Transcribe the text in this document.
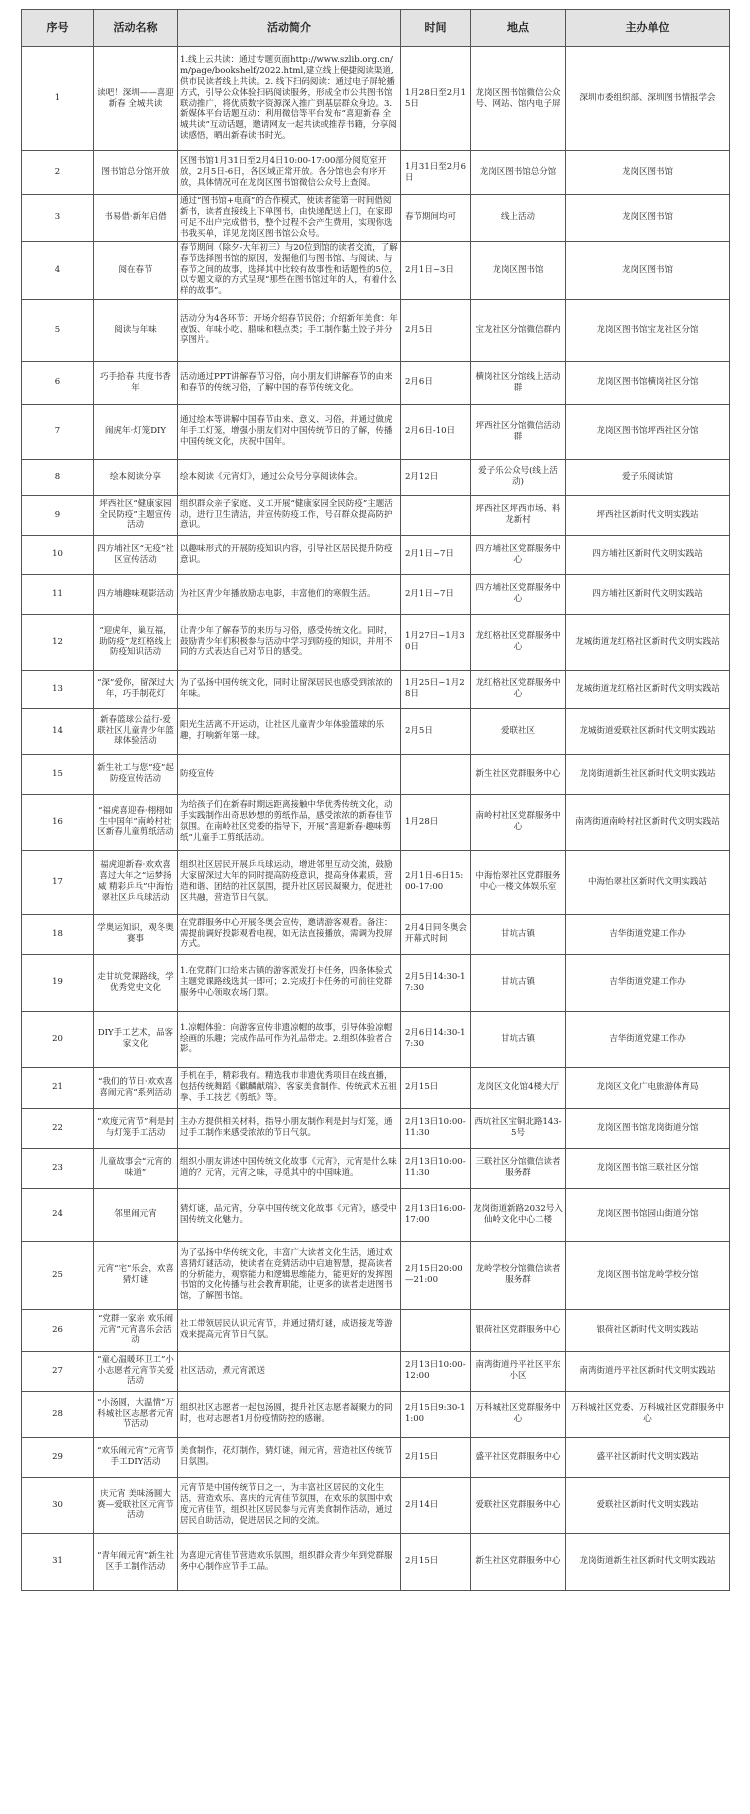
序号	活动名称	活动简介	时间	地点	主办单位
1	读吧！深圳——喜迎新春 全城共读	1.线上云共读：通过专题页面http://www.szlib.org.cn/m/page/bookshelf/2022.html,建立线上便捷阅读渠道,供市民读者线上共读。2. 线下扫码阅读：通过电子屏轮播方式，引导公众体验扫码阅读服务，形成全市公共图书馆联动推广，将优质数字资源深入推广到基层群众身边。3. 新媒体平台话题互动：利用微信等平台发布“喜迎新春 全城共读”互动话题，邀请网友一起共读或推荐书籍，分享阅读感悟，晒出新春读书时光。	1月28日至2月15日	龙岗区图书馆微信公众号、网站、馆内电子屏	深圳市委组织部、深圳图书情报学会
2	图书馆总分馆开放	区图书馆1月31日至2月4日10:00-17:00部分阅览室开放，2月5日-6日，各区域正常开放。各分馆也会有序开放，具体情况可在龙岗区图书馆微信公众号上查阅。	1月31日至2月6日	龙岗区图书馆总分馆	龙岗区图书馆
3	书易借·新年启借	通过“图书馆+电商”的合作模式，使读者能第一时间借阅新书，读者直接线上下单图书，由快递配送上门，在家即可足不出户完成借书，整个过程不会产生费用，实现你选书我买单，详见龙岗区图书馆公众号。	春节期间均可	线上活动	龙岗区图书馆
4	阅在春节	春节期间（除夕-大年初三）与20位到馆的读者交流，了解春节选择图书馆的原因，发掘他们与图书馆、与阅读、与春节之间的故事，选择其中比较有故事性和话题性的5位，以专题文章的方式呈现“那些在图书馆过年的人，有着什么样的故事”。	2月1日~3日	龙岗区图书馆	龙岗区图书馆
5	阅读与年味	活动分为4各环节：开场介绍春节民俗；介绍新年美食：年夜饭、年味小吃、腊味和糕点类；手工制作黏土饺子并分享图片。	2月5日	宝龙社区分馆微信群内	龙岗区图书馆宝龙社区分馆
6	巧手拾春 共度书香年	活动通过PPT讲解春节习俗，向小朋友们讲解春节的由来和春节的传统习俗，了解中国的春节传统文化。	2月6日	横岗社区分馆线上活动群	龙岗区图书馆横岗社区分馆
7	闹虎年·灯笼DIY	通过绘本等讲解中国春节由来、意义、习俗，并通过做虎年手工灯笼，增强小朋友们对中国传统节日的了解，传播中国传统文化，庆祝中国年。	2月6日-10日	坪西社区分馆微信活动群	龙岗区图书馆坪西社区分馆
8	绘本阅读分享	绘本阅读《元宵灯》，通过公众号分享阅读体会。	2月12日	爱子乐公众号(线上活动)	爱子乐阅读馆
9	坪西社区“健康家园全民防疫”主题宣传活动	组织群众亲子家庭、义工开展“健康家园全民防疫”主题活动，进行卫生清洁，并宣传防疫工作，号召群众提高防护意识。		坪西社区坪西市场、料龙新村	坪西社区新时代文明实践站
10	四方埔社区“无疫”社区宣传活动	以趣味形式的开展防疫知识内容，引导社区居民提升防疫意识。	2月1日~7日	四方埔社区党群服务中心	四方埔社区新时代文明实践站
11	四方埔趣味观影活动	为社区青少年播放励志电影，丰富他们的寒假生活。	2月1日~7日	四方埔社区党群服务中心	四方埔社区新时代文明实践站
12	“迎虎年，巢互福，助防疫”龙红格线上防疫知识活动	让青少年了解春节的来历与习俗，感受传统文化。同时，鼓励青少年们积极参与活动中学习到防疫的知识，并用不同的方式表达自己对节日的感受。	1月27日~1月30日	龙红格社区党群服务中心	龙城街道龙红格社区新时代文明实践站
13	“深”爱你，留深过大年，巧手制花灯	为了弘扬中国传统文化，同时让留深居民也感受到浓浓的年味。	1月25日~1月28日	龙红格社区党群服务中心	龙城街道龙红格社区新时代文明实践站
14	新春篮球公益行-爱联社区儿童青少年篮球体验活动	阳光生活离不开运动，让社区儿童青少年体验篮球的乐趣，打响新年第一球。	2月5日	爱联社区	龙城街道爱联社区新时代文明实践站
15	新生社工与您“疫”起防疫宣传活动	防疫宣传		新生社区党群服务中心	龙岗街道新生社区新时代文明实践站
16	“福虎喜迎春·栩栩如生中国年”南岭村社区新春儿童剪纸活动	为给孩子们在新春时期远距离接触中华优秀传统文化，动手实践制作出奇思妙想的剪纸作品，感受浓浓的新春佳节氛围。在南岭社区党委的指导下，开展“喜迎新春·趣味剪纸”儿童手工剪纸活动。	1月28日	南岭村社区党群服务中心	南湾街道南岭村社区新时代文明实践站
17	福虎迎新春·欢欢喜喜过大年之“运梦扬威 精彩乒乓”中海怡翠社区乒乓球活动	组织社区居民开展乒乓球运动，增进邻里互动交流，鼓励大家留深过大年的同时提高防疫意识，提高身体素质，营造和谐、团结的社区氛围，提升社区居民凝聚力，促进社区共融，营造节日气氛。	2月1日-6日15:00-17:00	中海怡翠社区党群服务中心一楼文体娱乐室	中海怡翠社区新时代文明实践站
18	学奥运知识，观冬奥赛事	在党群服务中心开展冬奥会宣传，邀请游客观看。备注：需提前调好投影观看电视，如无法直接播放，需调为投屏方式。	2月4日同冬奥会开幕式时间	甘坑古镇	吉华街道党建工作办
19	走甘坑党课路线，学优秀党史文化	1.在党群门口给来古镇的游客派发打卡任务，四条体验式主题党课路线选其一即可；2.完成打卡任务的可前往党群服务中心领取农场门票。	2月5日14:30-17:30	甘坑古镇	吉华街道党建工作办
20	DIY手工艺术，品客家文化	1.凉帽体验：向游客宣传非遗凉帽的故事，引导体验凉帽绘画的乐趣；完成作品可作为礼品带走。2.组织体验者合影。	2月6日14:30-17:30	甘坑古镇	吉华街道党建工作办
21	“我们的节日·欢欢喜喜闹元宵”系列活动	手机在手，精彩我有。精选我市非遗优秀项目在线直播，包括传统舞蹈《麒麟献瑞》、客家美食制作、传统武术五祖拳、手工技艺《剪纸》等。	2月15日	龙岗区文化馆4楼大厅	龙岗区文化广电旅游体育局
22	“欢度元宵节”利是封与灯笼手工活动	主办方提供相关材料，指导小朋友制作利是封与灯笼，通过手工制作来感受浓浓的节日气氛。	2月13日10:00-11:30	西坑社区宝铜北路143-5号	龙岗区图书馆龙岗街道分馆
23	儿童故事会“元宵的味道”	组织小朋友讲述中国传统文化故事《元宵》，元宵是什么味道的？元宵，元宵之味，寻觅其中的中国味道。	2月13日10:00-11:30	三联社区分馆微信读者服务群	龙岗区图书馆三联社区分馆
24	邻里闹元宵	猜灯谜，品元宵，分享中国传统文化故事《元宵》，感受中国传统文化魅力。	2月13日16:00-17:00	龙岗街道新路2032号入仙岭文化中心二楼	龙岗区图书馆园山街道分馆
25	元宵“宅”乐会，欢喜猜灯谜	为了弘扬中华传统文化，丰富广大读者文化生活，通过欢喜猜灯谜活动，使读者在竞猜活动中启迪智慧，提高读者的分析能力，观察能力和逻辑思维能力，能更好的发挥图书馆的文化传播与社会教育职能，让更多的读者走进图书馆，了解图书馆。	2月15日20:00—21:00	龙岭学校分馆微信读者服务群	龙岗区图书馆龙岭学校分馆
26	“党群一家亲 欢乐闹元宵”元宵喜乐会活动	社工带领居民认识元宵节，并通过猜灯谜，成语接龙等游戏来提高元宵节日气氛。		银荷社区党群服务中心	银荷社区新时代文明实践站
27	“童心温暖环卫工”小小志愿者元宵节关爱活动	社区活动，煮元宵派送	2月13日10:00-12:00	南湾街道丹平社区平东小区	南湾街道丹平社区新时代文明实践站
28	“小汤圆，大温情”万科城社区志愿者元宵节活动	组织社区志愿者一起包汤圆，提升社区志愿者凝聚力的同时，也对志愿者1月份疫情防控的感谢。	2月15日9:30-11:00	万科城社区党群服务中心	万科城社区党委、万科城社区党群服务中心
29	“欢乐闹元宵”元宵节手工DIY活动	美食制作，花灯制作，猜灯谜，闹元宵，营造社区传统节日氛围。	2月15日	盛平社区党群服务中心	盛平社区新时代文明实践站
30	庆元宵 美味汤圆大赛—爱联社区元宵节活动	元宵节是中国传统节日之一，为丰富社区居民的文化生活，营造欢乐、喜庆的元宵佳节氛围，在欢乐的氛围中欢度元宵佳节，组织社区居民参与元宵美食制作活动，通过居民自助活动，促进居民之间的交流。	2月14日	爱联社区党群服务中心	爱联社区新时代文明实践站
31	“青年闹元宵”新生社区手工制作活动	为喜迎元宵佳节营造欢乐氛围，组织群众青少年到党群服务中心制作应节手工品。	2月15日	新生社区党群服务中心	龙岗街道新生社区新时代文明实践站
